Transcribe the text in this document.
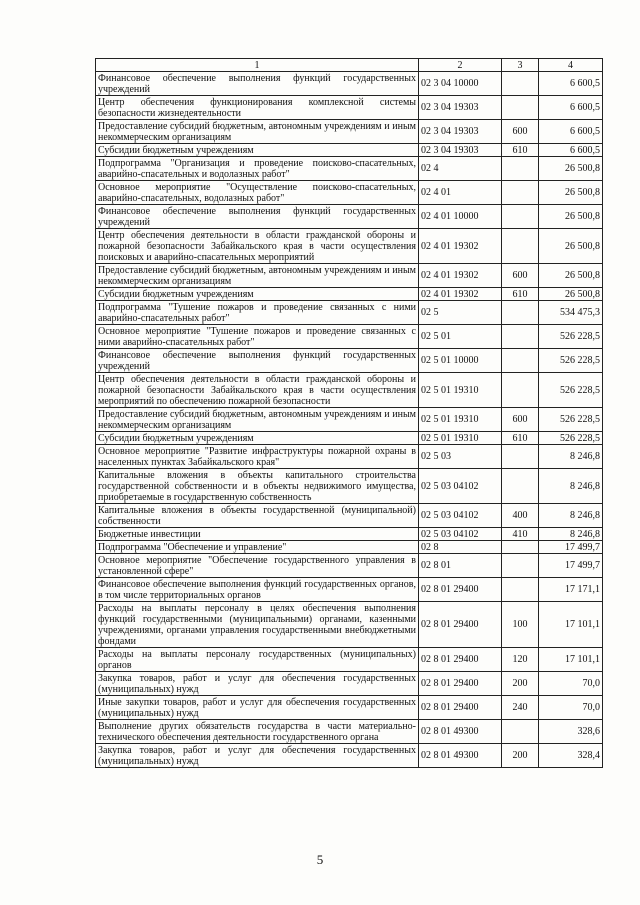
1	2	3	4
Финансовое обеспечение выполнения функций государственных учреждений	02 3 04 10000		6 600,5
Центр обеспечения функционирования комплексной системы безопасности жизнедеятельности	02 3 04 19303		6 600,5
Предоставление субсидий бюджетным, автономным учреждениям и иным некоммерческим организациям	02 3 04 19303	600	6 600,5
Субсидии бюджетным учреждениям	02 3 04 19303	610	6 600,5
Подпрограмма "Организация и проведение поисково-спасательных, аварийно-спасательных и водолазных работ"	02 4		26 500,8
Основное мероприятие "Осуществление поисково-спасательных, аварийно-спасательных, водолазных работ"	02 4 01		26 500,8
Финансовое обеспечение выполнения функций государственных учреждений	02 4 01 10000		26 500,8
Центр обеспечения деятельности в области гражданской обороны и пожарной безопасности Забайкальского края в части осуществления поисковых и аварийно-спасательных мероприятий	02 4 01 19302		26 500,8
Предоставление субсидий бюджетным, автономным учреждениям и иным некоммерческим организациям	02 4 01 19302	600	26 500,8
Субсидии бюджетным учреждениям	02 4 01 19302	610	26 500,8
Подпрограмма "Тушение пожаров и проведение связанных с ними аварийно-спасательных работ"	02 5		534 475,3
Основное мероприятие "Тушение пожаров и проведение связанных с ними аварийно-спасательных работ"	02 5 01		526 228,5
Финансовое обеспечение выполнения функций государственных учреждений	02 5 01 10000		526 228,5
Центр обеспечения деятельности в области гражданской обороны и пожарной безопасности Забайкальского края в части осуществления мероприятий по обеспечению пожарной безопасности	02 5 01 19310		526 228,5
Предоставление субсидий бюджетным, автономным учреждениям и иным некоммерческим организациям	02 5 01 19310	600	526 228,5
Субсидии бюджетным учреждениям	02 5 01 19310	610	526 228,5
Основное мероприятие "Развитие инфраструктуры пожарной охраны в населенных пунктах Забайкальского края"	02 5 03		8 246,8
Капитальные вложения в объекты капитального строительства государственной собственности и в объекты недвижимого имущества, приобретаемые в государственную собственность	02 5 03 04102		8 246,8
Капитальные вложения в объекты государственной (муниципальной) собственности	02 5 03 04102	400	8 246,8
Бюджетные инвестиции	02 5 03 04102	410	8 246,8
Подпрограмма "Обеспечение и управление"	02 8		17 499,7
Основное мероприятие "Обеспечение государственного управления в установленной сфере"	02 8 01		17 499,7
Финансовое обеспечение выполнения функций государственных органов, в том числе территориальных органов	02 8 01 29400		17 171,1
Расходы на выплаты персоналу в целях обеспечения выполнения функций государственными (муниципальными) органами, казенными учреждениями, органами управления государственными внебюджетными фондами	02 8 01 29400	100	17 101,1
Расходы на выплаты персоналу государственных (муниципальных) органов	02 8 01 29400	120	17 101,1
Закупка товаров, работ и услуг для обеспечения государственных (муниципальных) нужд	02 8 01 29400	200	70,0
Иные закупки товаров, работ и услуг для обеспечения государственных (муниципальных) нужд	02 8 01 29400	240	70,0
Выполнение других обязательств государства в части материально-технического обеспечения деятельности государственного органа	02 8 01 49300		328,6
Закупка товаров, работ и услуг для обеспечения государственных (муниципальных) нужд	02 8 01 49300	200	328,4
5
